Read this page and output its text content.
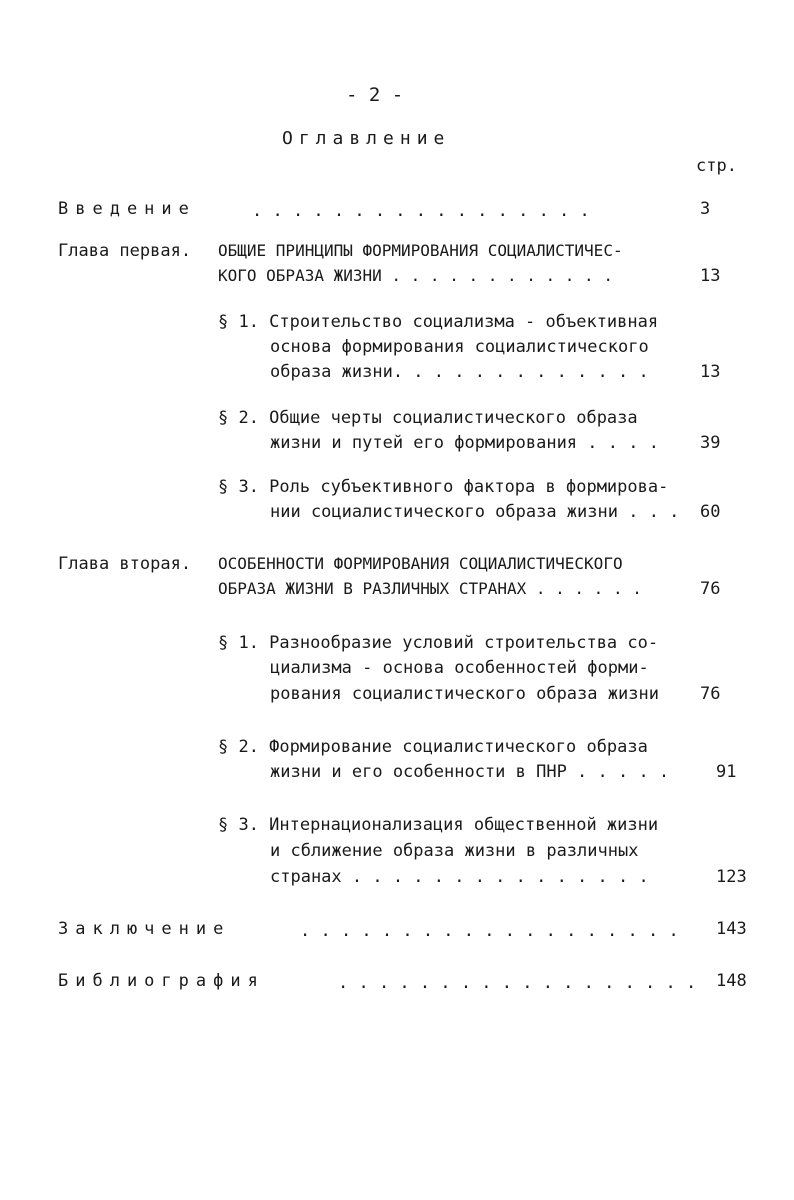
- 2 -
Оглавление
стр.
Введение	. . . . . . . . . . . . . . . . .	3
Глава первая. ОБЩИЕ ПРИНЦИПЫ ФОРМИРОВАНИЯ СОЦИАЛИСТИЧЕС-
КОГО ОБРАЗА ЖИЗНИ . . . . . . . . . . . .	13
§ 1. Строительство социализма - объективная
основа формирования социалистического
образа жизни. . . . . . . . . . . . .	13
§ 2. Общие черты социалистического образа
жизни и путей его формирования . . . . 39
§ 3. Роль субъективного фактора в формирова-
нии социалистического образа жизни . . . 60
Глава вторая. ОСОБЕННОСТИ ФОРМИРОВАНИЯ СОЦИАЛИСТИЧЕСКОГО
ОБРАЗА ЖИЗНИ В РАЗЛИЧНЫХ СТРАНАХ . . . . . .	76
§ 1. Разнообразие условий строительства со-
циализма - основа особенностей форми-
рования социалистического образа жизни 76
§ 2. Формирование социалистического образа
жизни и его особенности в ПНР . . . . .	91
§ 3. Интернационализация общественной жизни
и сближение образа жизни в различных
странах . . . . . . . . . . . . . . .	123
Заключение	. . . . . . . . . . . . . . . . . . . 143
Библиография	. . . . . . . . . . . . . . . . . . 148
